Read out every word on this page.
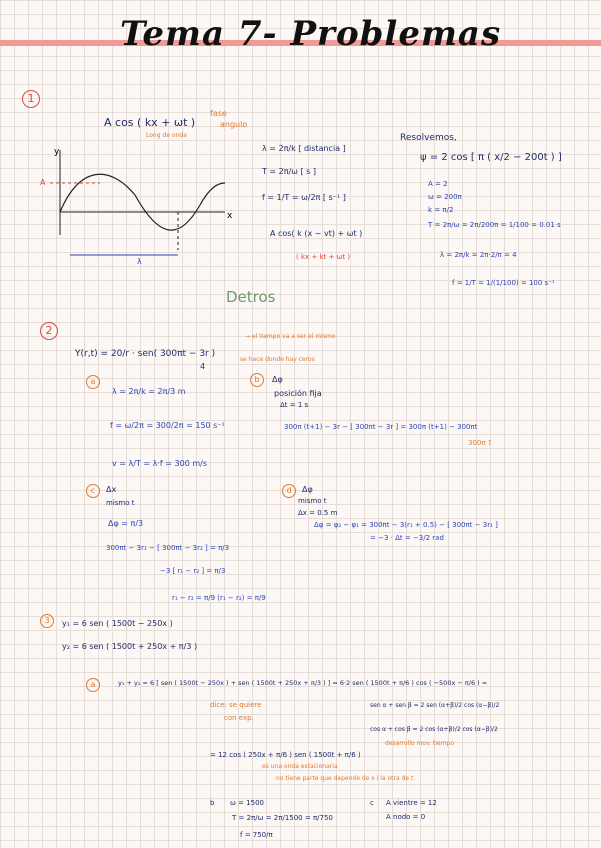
Tema 7- Problemas
1
A cos ( kx + ωt )
fase
angulo
Long de onda
y
x
A
λ
λ = 2π/k [ distancia ]
T = 2π/ω [ s ]
f = 1/T = ω/2π [ s⁻¹ ]
A cos( k (x − vt) + ωt )
( kx + kt + ωt )
Resolvemos,
ψ = 2 cos [ π ( x/2 − 200t ) ]
A = 2
ω = 200π
k = π/2
T = 2π/ω = 2π/200π = 1/100 = 0.01 s
λ = 2π/k = 2π·2/π = 4
f = 1/T = 1/(1/100) = 100 s⁻¹
Detros
2
Y(r,t) = 20/r · sen( 300πt − 3r )
4
→ el tiempo va a ser el mismo
se hace donde hay ceros
a
λ = 2π/k = 2π/3 m
f = ω/2π = 300/2π = 150 s⁻¹
v = λ/T = λ·f = 300 m/s
b	Δφ
posición fija
Δt = 1 s
300π (t+1) − 3r − [ 300πt − 3r ] = 300π (t+1) − 300πt
300π ?
c	Δx
mismo t
Δφ = π/3
300πt − 3r₁ − [ 300πt − 3r₂ ] = π/3
−3 [ r₁ − r₂ ] = π/3
r₁ − r₂ = π/9 (r₁ − r₂) = π/9
d	Δφ
mismo t
Δx = 0.5 m
Δφ = φ₂ − φ₁ = 300πt − 3(r₁ + 0.5) − [ 300πt − 3r₁ ]
= −3 · Δt = −3/2 rad
3	y₁ = 6 sen ( 1500t − 250x )
y₂ = 6 sen ( 1500t + 250x + π/3 )
a	y₁ + y₂ = 6 [ sen ( 1500t − 250x ) + sen ( 1500t + 250x + π/3 ) ] = 6·2 sen ( 1500t + π/6 ) cos ( −500x − π/6 ) =
dice: se quiere
con exp.
sen α + sen β = 2 sen (α+β)/2 cos (α−β)/2
cos α + cos β = 2 cos (α+β)/2 cos (α−β)/2
desarrollo mov. tiempo
= 12 cos ( 250x + π/6 ) sen ( 1500t + π/6 )
es una onda estacionaria
no tiene parte que depende de x i la otra de t.
b ω = 1500
T = 2π/ω = 2π/1500 = π/750
f = 750/π
c A vientre = 12
A nodo = 0
